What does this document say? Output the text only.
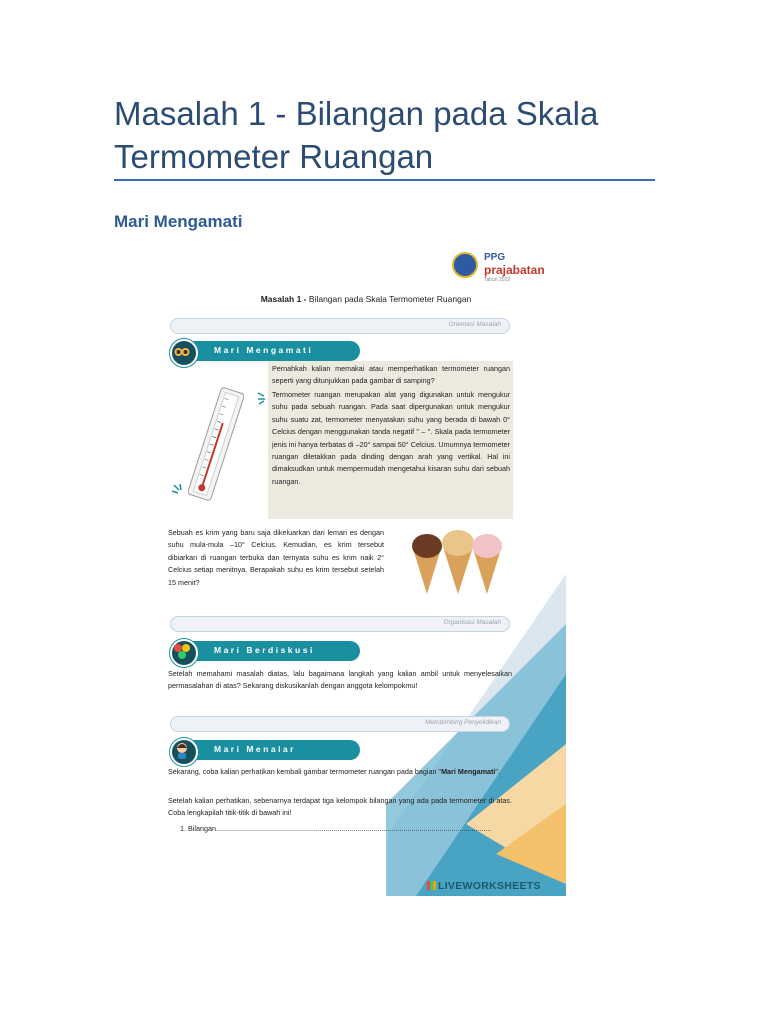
Masalah 1 - Bilangan pada Skala Termometer Ruangan
Mari Mengamati
PPG
prajabatan
Tahun 2022
Masalah 1 - Bilangan pada Skala Termometer Ruangan
Orientasi Masalah
Mari Mengamati
Pernahkah kalian memakai atau memperhatikan termometer ruangan seperti yang ditunjukkan pada gambar di samping?
Termometer ruangan merupakan alat yang digunakan untuk mengukur suhu pada sebuah ruangan. Pada saat dipergunakan untuk mengukur suhu suatu zat, termometer menyatakan suhu yang berada di bawah 0° Celcius dengan menggunakan tanda negatif " – ". Skala pada termometer jenis ini hanya terbatas di –20° sampai 50° Celcius. Umumnya termometer ruangan diletakkan pada dinding dengan arah yang vertikal. Hal ini dimaksudkan untuk mempermudah mengetahui kisaran suhu dari sebuah ruangan.
Sebuah es krim yang baru saja dikeluarkan dari lemari es dengan suhu mula-mula –10° Celcius. Kemudian, es krim tersebut dibiarkan di ruangan terbuka dan ternyata suhu es krim naik 2° Celcius setiap menitnya. Berapakah suhu es krim tersebut setelah 15 menit?
Organisasi Masalah
Mari Berdiskusi
Setelah memahami masalah diatas, lalu bagaimana langkah yang kalian ambil untuk menyelesaikan permasalahan di atas? Sekarang diskusikanlah dengan anggota kelompokmu!
Membimbing Penyelidikan
Mari Menalar
Sekarang, coba kalian perhatikan kembali gambar termometer ruangan pada bagian "Mari Mengamati".
Setelah kalian perhatikan, sebenarnya terdapat tiga kelompok bilangan yang ada pada termometer di atas. Coba lengkapilah titik-titik di bawah ini!
1. Bilangan..........................................................................................................................................
LIVEWORKSHEETS
